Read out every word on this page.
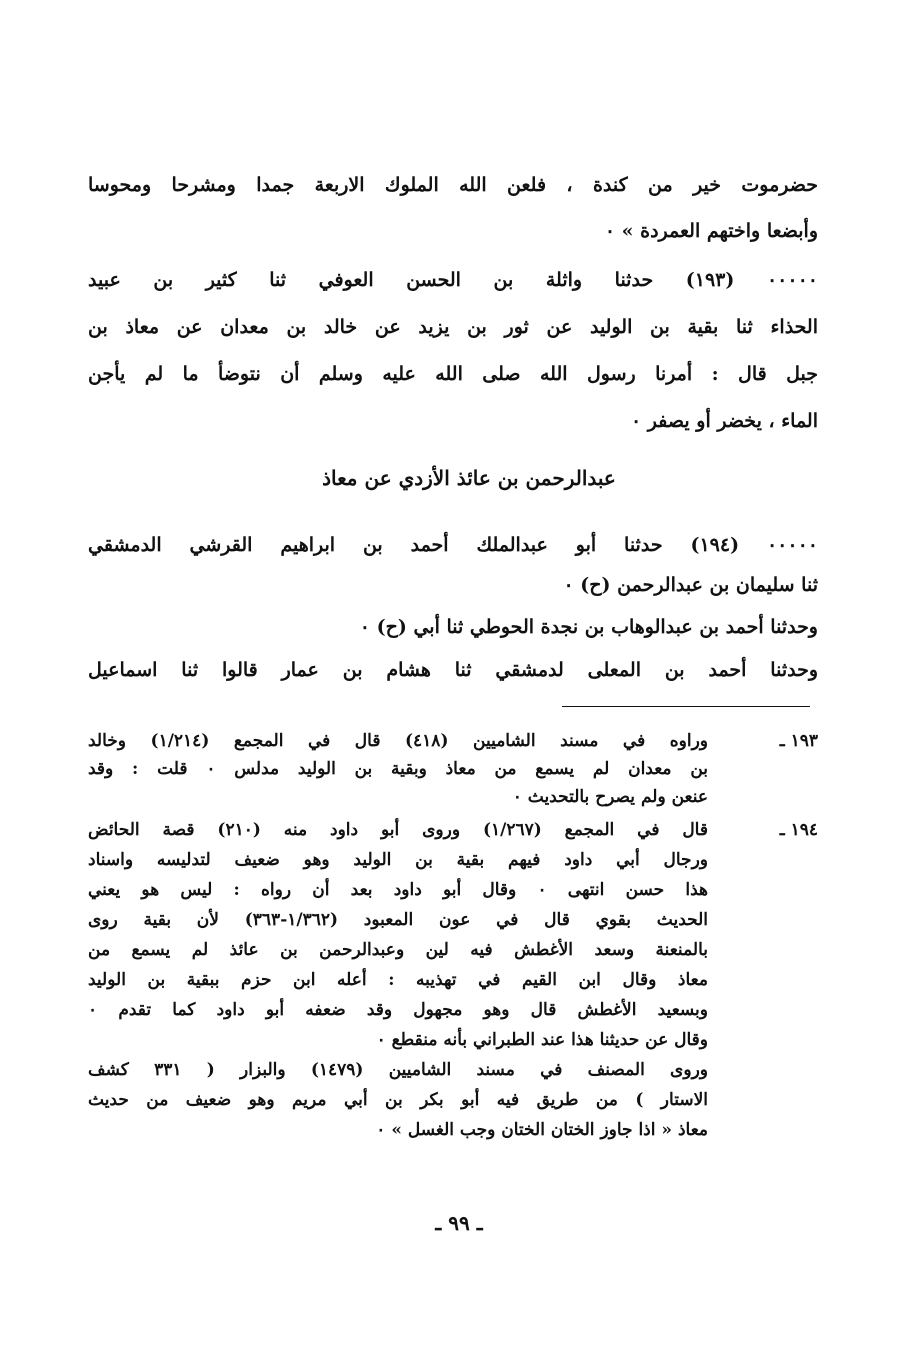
حضرموت خير من كندة ، فلعن الله الملوك الاربعة جمدا ومشرحا ومحوسا
وأبضعا واختهم العمردة » ٠
٠٠٠٠٠ (١٩٣) حدثنا واثلة بن الحسن العوفي ثنا كثير بن عبيد
الحذاء ثنا بقية بن الوليد عن ثور بن يزيد عن خالد بن معدان عن معاذ بن
جبل قال : أمرنا رسول الله صلى الله عليه وسلم أن نتوضأ ما لم يأجن
الماء ، يخضر أو يصفر ٠
عبدالرحمن بن عائذ الأزدي عن معاذ
٠٠٠٠٠ (١٩٤) حدثنا أبو عبدالملك أحمد بن ابراهيم القرشي الدمشقي
ثنا سليمان بن عبدالرحمن (ح) ٠
وحدثنا أحمد بن عبدالوهاب بن نجدة الحوطي ثنا أبي (ح) ٠
وحدثنا أحمد بن المعلى لدمشقي ثنا هشام بن عمار قالوا ثنا اسماعيل
١٩٣ ـ
وراوه في مسند الشاميين (٤١٨) قال في المجمع (١/٢١٤) وخالد
بن معدان لم يسمع من معاذ وبقية بن الوليد مدلس ٠ قلت : وقد
عنعن ولم يصرح بالتحديث ٠
١٩٤ ـ
قال في المجمع (١/٢٦٧) وروى أبو داود منه (٢١٠) قصة الحائض
ورجال أبي داود فيهم بقية بن الوليد وهو ضعيف لتدليسه واسناد
هذا حسن انتهى ٠ وقال أبو داود بعد أن رواه : ليس هو يعني
الحديث بقوي قال في عون المعبود (١/٣٦٢-٣٦٣) لأن بقية روى
بالمنعنة وسعد الأغطش فيه لين وعبدالرحمن بن عائذ لم يسمع من
معاذ وقال ابن القيم في تهذيبه : أعله ابن حزم ببقية بن الوليد
وبسعيد الأغطش قال وهو مجهول وقد ضعفه أبو داود كما تقدم ٠
وقال عن حديثنا هذا عند الطبراني بأنه منقطع ٠
وروى المصنف في مسند الشاميين (١٤٧٩) والبزار ( ٣٣١ كشف
الاستار ) من طريق فيه أبو بكر بن أبي مريم وهو ضعيف من حديث
معاذ « اذا جاوز الختان الختان وجب الغسل » ٠
ـ ٩٩ ـ
